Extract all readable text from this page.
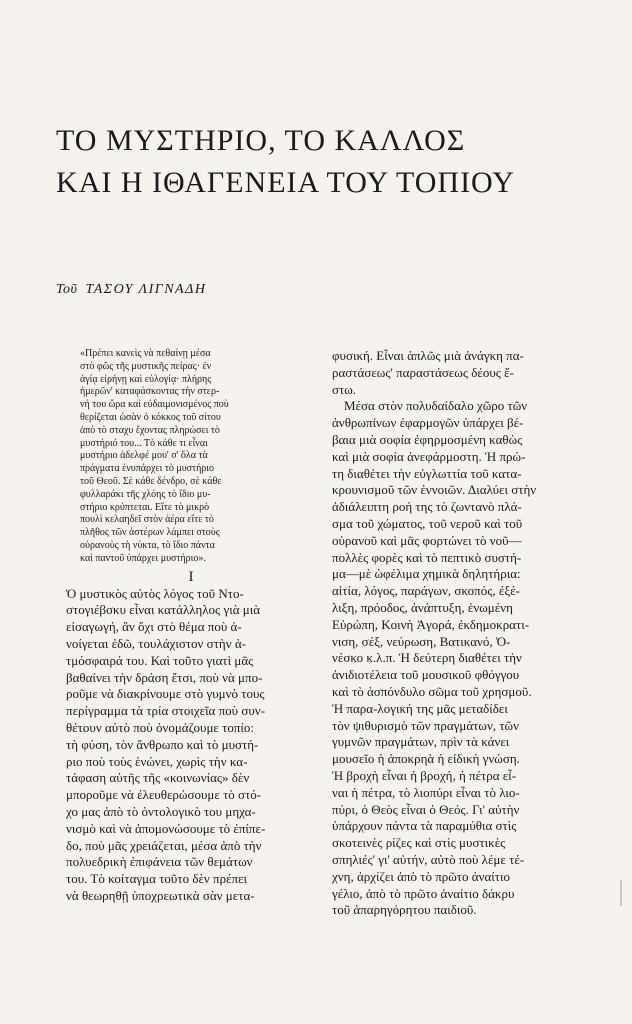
ΤΟ ΜΥΣΤΗΡΙΟ, ΤΟ ΚΑΛΛΟΣ
ΚΑΙ Η ΙΘΑΓΕΝΕΙΑ ΤΟΥ ΤΟΠΙΟΥ
Τοῦ ΤΑΣΟΥ ΛΙΓΝΑΔΗ
«Πρέπει κανεὶς νὰ πεθαίνῃ μέσα
στὸ φῶς τῆς μυστικῆς πείρας· ἐν
ἁγίᾳ εἰρήνῃ καὶ εὐλογίᾳ· πλήρης
ἡμερῶν' καταφάσκοντας τὴν στερ-
νή του ὥρα καὶ εὐδαιμονισμένος ποὺ
θερίζεται ὡσὰν ὁ κόκκος τοῦ σίτου
ἀπὸ τὸ σταχυ ἔχοντας πληρώσει τὸ
μυστήριό του... Τὸ κάθε τι εἶναι
μυστήριο ἀδελφέ μου' σ' ὅλα τὰ
πράγματα ἐνυπάρχει τὸ μυστήριο
τοῦ Θεοῦ. Σὲ κάθε δένδρο, σὲ κάθε
φυλλαράκι τῆς χλόης τὸ ἴδιο μυ-
στήριο κρύπτεται. Εἴτε τὸ μικρὸ
πουλὶ κελαηδεῖ στὸν ἀέρα εἴτε τὸ
πλῆθος τῶν ἀστέρων λάμπει στοὺς
οὐρανοὺς τὴ νύκτα, τὸ ἴδιο πάντα
καὶ παντοῦ ὑπάρχει μυστήριο».
Ι
Ὁ μυστικὸς αὐτὸς λόγος τοῦ Ντο-
στογιέβσκυ εἶναι κατάλληλος γιὰ μιὰ
εἰσαγωγή, ἂν ὄχι στὸ θέμα ποὺ ἀ-
νοίγεται ἐδῶ, τουλάχιστον στὴν ἀ-
τμόσφαιρά του. Καὶ τοῦτο γιατὶ μᾶς
βαθαίνει τὴν δράση ἔτσι, ποὺ νὰ μπο-
ροῦμε νὰ διακρίνουμε στὸ γυμνὸ τους
περίγραμμα τὰ τρία στοιχεῖα ποὺ συν-
θέτουν αὐτὸ ποὺ ὀνομάζουμε τοπίο:
τὴ φύση, τὸν ἄνθρωπο καὶ τὸ μυστή-
ριο ποὺ τοὺς ἑνώνει, χωρὶς τὴν κα-
τάφαση αὐτῆς τῆς «κοινωνίας» δὲν
μποροῦμε νὰ ἐλευθερώσουμε τὸ στό-
χο μας ἀπὸ τὸ ὀντολογικὸ του μηχα-
νισμὸ καὶ νὰ ἀπομονώσουμε τὸ ἐπίπε-
δο, ποὺ μᾶς χρειάζεται, μέσα ἀπὸ τὴν
πολυεδρικὴ ἐπιφάνεια τῶν θεμάτων
του. Τὸ κοίταγμα τοῦτο δὲν πρέπει
νὰ θεωρηθῇ ὑποχρεωτικὰ σὰν μετα-
φυσική. Εἶναι ἁπλῶς μιὰ ἀνάγκη πα-
ραστάσεως' παραστάσεως δέους ἔ-
στω.
Μέσα στὸν πολυδαίδαλο χῶρο τῶν
ἀνθρωπίνων ἐφαρμογῶν ὑπάρχει βέ-
βαια μιὰ σοφία ἐφηρμοσμένη καθὼς
καὶ μιὰ σοφία ἀνεφάρμοστη. Ἡ πρώ-
τη διαθέτει τὴν εὐγλωττία τοῦ κατα-
κρουνισμοῦ τῶν ἐννοιῶν. Διαλύει στὴν
ἀδιάλειπτη ροή της τὸ ζωντανὸ πλά-
σμα τοῦ χώματος, τοῦ νεροῦ καὶ τοῦ
οὐρανοῦ καὶ μᾶς φορτώνει τὸ νοῦ—
πολλὲς φορὲς καὶ τὸ πεπτικὸ συστή-
μα—μὲ ὠφέλιμα χημικὰ δηλητήρια:
αἰτία, λόγος, παράγων, σκοπός, ἐξέ-
λιξη, πρόοδος, ἀνάπτυξη, ἑνωμένη
Εὐρώπη, Κοινὴ Ἀγορά, ἐκδημοκρατι-
νιση, σέξ, νεύρωση, Βατικανό, Ὀ-
νέσκο κ.λ.π. Ἡ δεύτερη διαθέτει τὴν
ἀνιδιοτέλεια τοῦ μουσικοῦ φθόγγου
καὶ τὸ ἀσπόνδυλο σῶμα τοῦ χρησμοῦ.
Ἡ παρα-λογική της μᾶς μεταδίδει
τὸν ψιθυρισμὸ τῶν πραγμάτων, τῶν
γυμνῶν πραγμάτων, πρὶν τὰ κάνει
μουσεῖο ἡ ἀποκρηὰ ἡ εἰδικὴ γνώση.
Ἡ βροχὴ εἶναι ἡ βροχή, ἡ πέτρα εἶ-
ναι ἡ πέτρα, τὸ λιοπύρι εἶναι τὸ λιο-
πύρι, ὁ Θεὸς εἶναι ὁ Θεός. Γι' αὐτὴν
ὑπάρχουν πάντα τὰ παραμύθια στὶς
σκοτεινὲς ρίζες καὶ στὶς μυστικὲς
σπηλιές' γι' αὐτήν, αὐτὸ ποὺ λέμε τέ-
χνη, ἀρχίζει ἀπὸ τὸ πρῶτο ἀναίτιο
γέλιο, ἀπὸ τὸ πρῶτο ἀναίτιο δάκρυ
τοῦ ἀπαρηγόρητου παιδιοῦ.
